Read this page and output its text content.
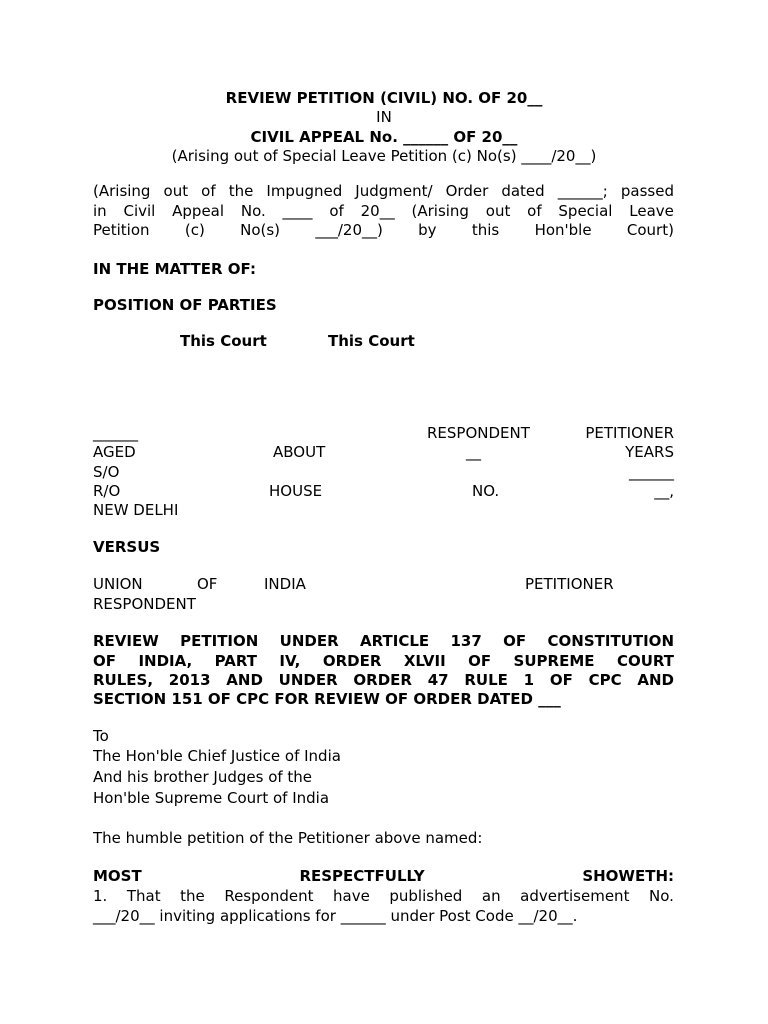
REVIEW PETITION (CIVIL) NO. OF 20__
IN
CIVIL APPEAL No. ______ OF 20__
(Arising out of Special Leave Petition (c) No(s) ____/20__)
(Arising out of the Impugned Judgment/ Order dated ______; passed
in Civil Appeal No. ____ of 20__ (Arising out of Special Leave
Petition (c) No(s) ___/20__) by this Hon'ble Court)
IN THE MATTER OF:
POSITION OF PARTIES
This Court	This Court
______	RESPONDENT	PETITIONER
AGED	ABOUT	__	YEARS
S/O	______
R/O	HOUSE	NO.	__,
NEW DELHI
VERSUS
UNION	OF	INDIA	PETITIONER
RESPONDENT
REVIEW PETITION UNDER ARTICLE 137 OF CONSTITUTION
OF INDIA, PART IV, ORDER XLVII OF SUPREME COURT
RULES, 2013 AND UNDER ORDER 47 RULE 1 OF CPC AND
SECTION 151 OF CPC FOR REVIEW OF ORDER DATED ___
To
The Hon'ble Chief Justice of India
And his brother Judges of the
Hon'ble Supreme Court of India
The humble petition of the Petitioner above named:
MOST	RESPECTFULLY	SHOWETH:
1. That the Respondent have published an advertisement No.
___/20__ inviting applications for ______ under Post Code __/20__.
